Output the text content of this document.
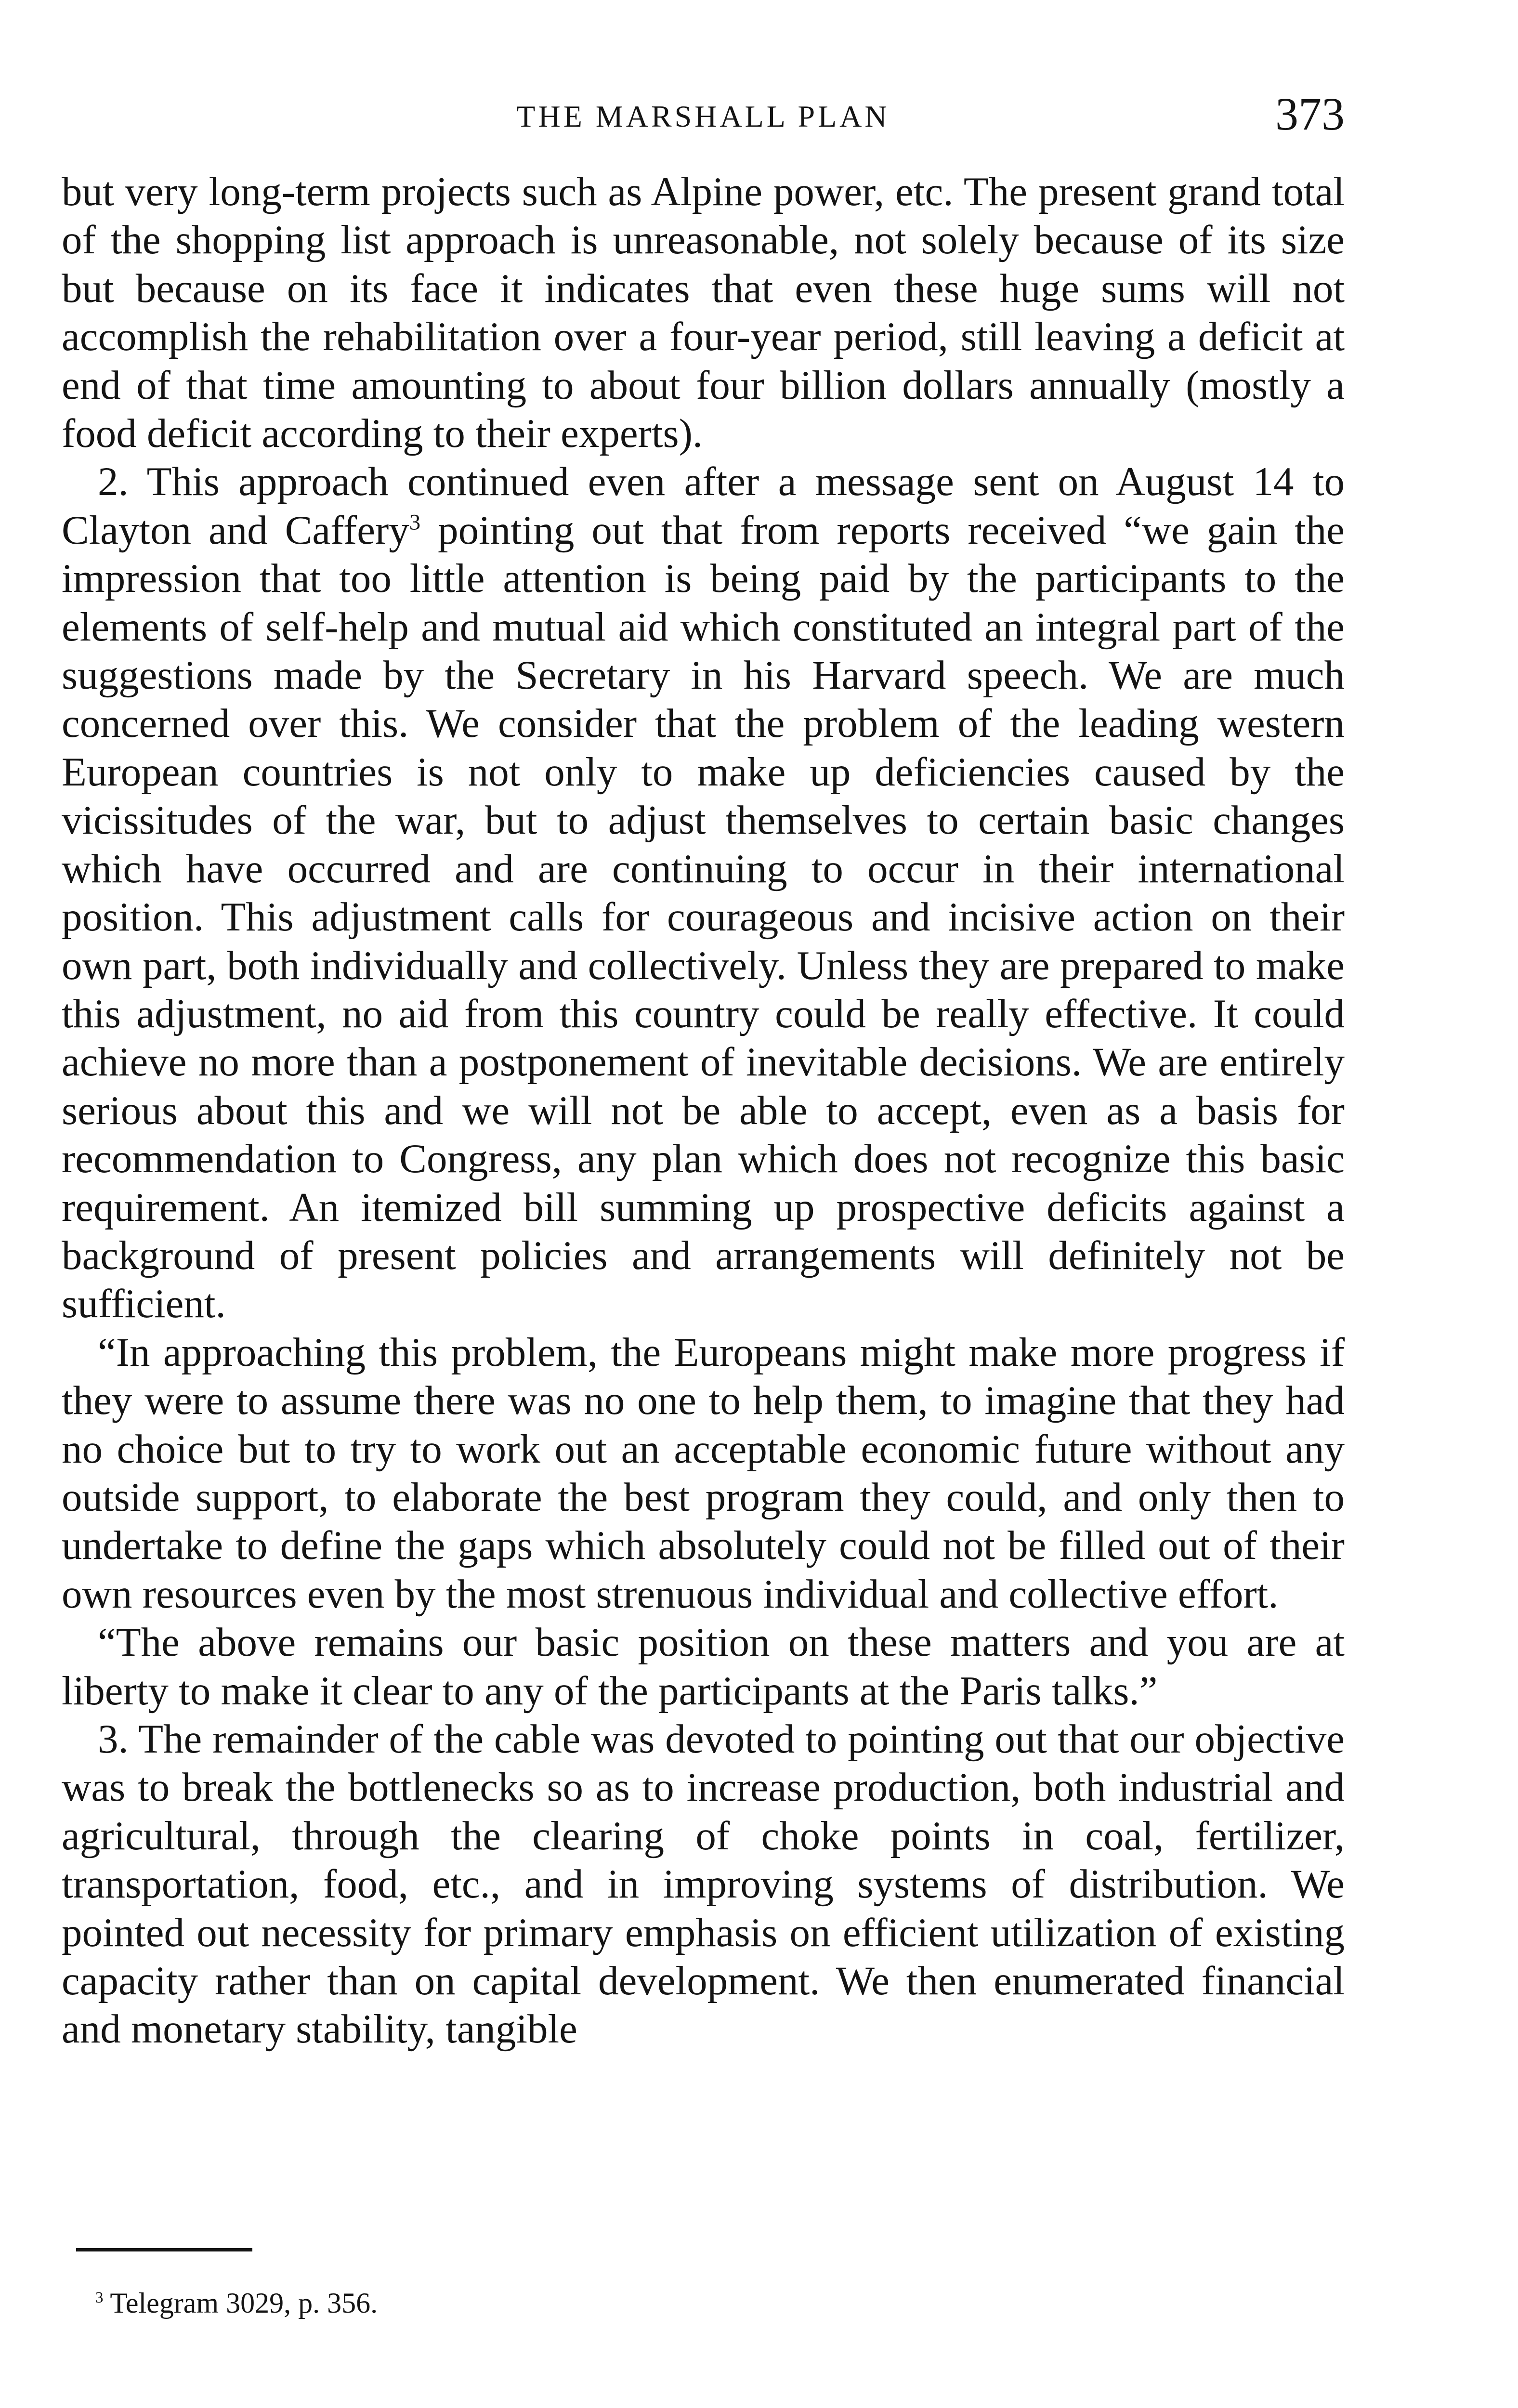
THE MARSHALL PLAN	373

but very long-term projects such as Alpine power, etc. The present grand total of the shopping list approach is unreasonable, not solely because of its size but because on its face it indicates that even these huge sums will not accomplish the rehabilitation over a four-year period, still leaving a deficit at end of that time amounting to about four billion dollars annually (mostly a food deficit according to their experts).

2. This approach continued even after a message sent on August 14 to Clayton and Caffery$^3$ pointing out that from reports received “we gain the impression that too little attention is being paid by the participants to the elements of self-help and mutual aid which constituted an integral part of the suggestions made by the Secretary in his Harvard speech. We are much concerned over this. We consider that the problem of the leading western European countries is not only to make up deficiencies caused by the vicissitudes of the war, but to adjust themselves to certain basic changes which have occurred and are continuing to occur in their international position. This adjustment calls for courageous and incisive action on their own part, both individually and collectively. Unless they are prepared to make this adjustment, no aid from this country could be really effective. It could achieve no more than a postponement of inevitable decisions. We are entirely serious about this and we will not be able to accept, even as a basis for recommendation to Congress, any plan which does not recognize this basic requirement. An itemized bill summing up prospective deficits against a background of present policies and arrangements will definitely not be sufficient.

“In approaching this problem, the Europeans might make more progress if they were to assume there was no one to help them, to imagine that they had no choice but to try to work out an acceptable economic future without any outside support, to elaborate the best program they could, and only then to undertake to define the gaps which absolutely could not be filled out of their own resources even by the most strenuous individual and collective effort.

“The above remains our basic position on these matters and you are at liberty to make it clear to any of the participants at the Paris talks.”

3. The remainder of the cable was devoted to pointing out that our objective was to break the bottlenecks so as to increase production, both industrial and agricultural, through the clearing of choke points in coal, fertilizer, transportation, food, etc., and in improving systems of distribution. We pointed out necessity for primary emphasis on efficient utilization of existing capacity rather than on capital development. We then enumerated financial and monetary stability, tangible

$^3$ Telegram 3029, p. 356.
